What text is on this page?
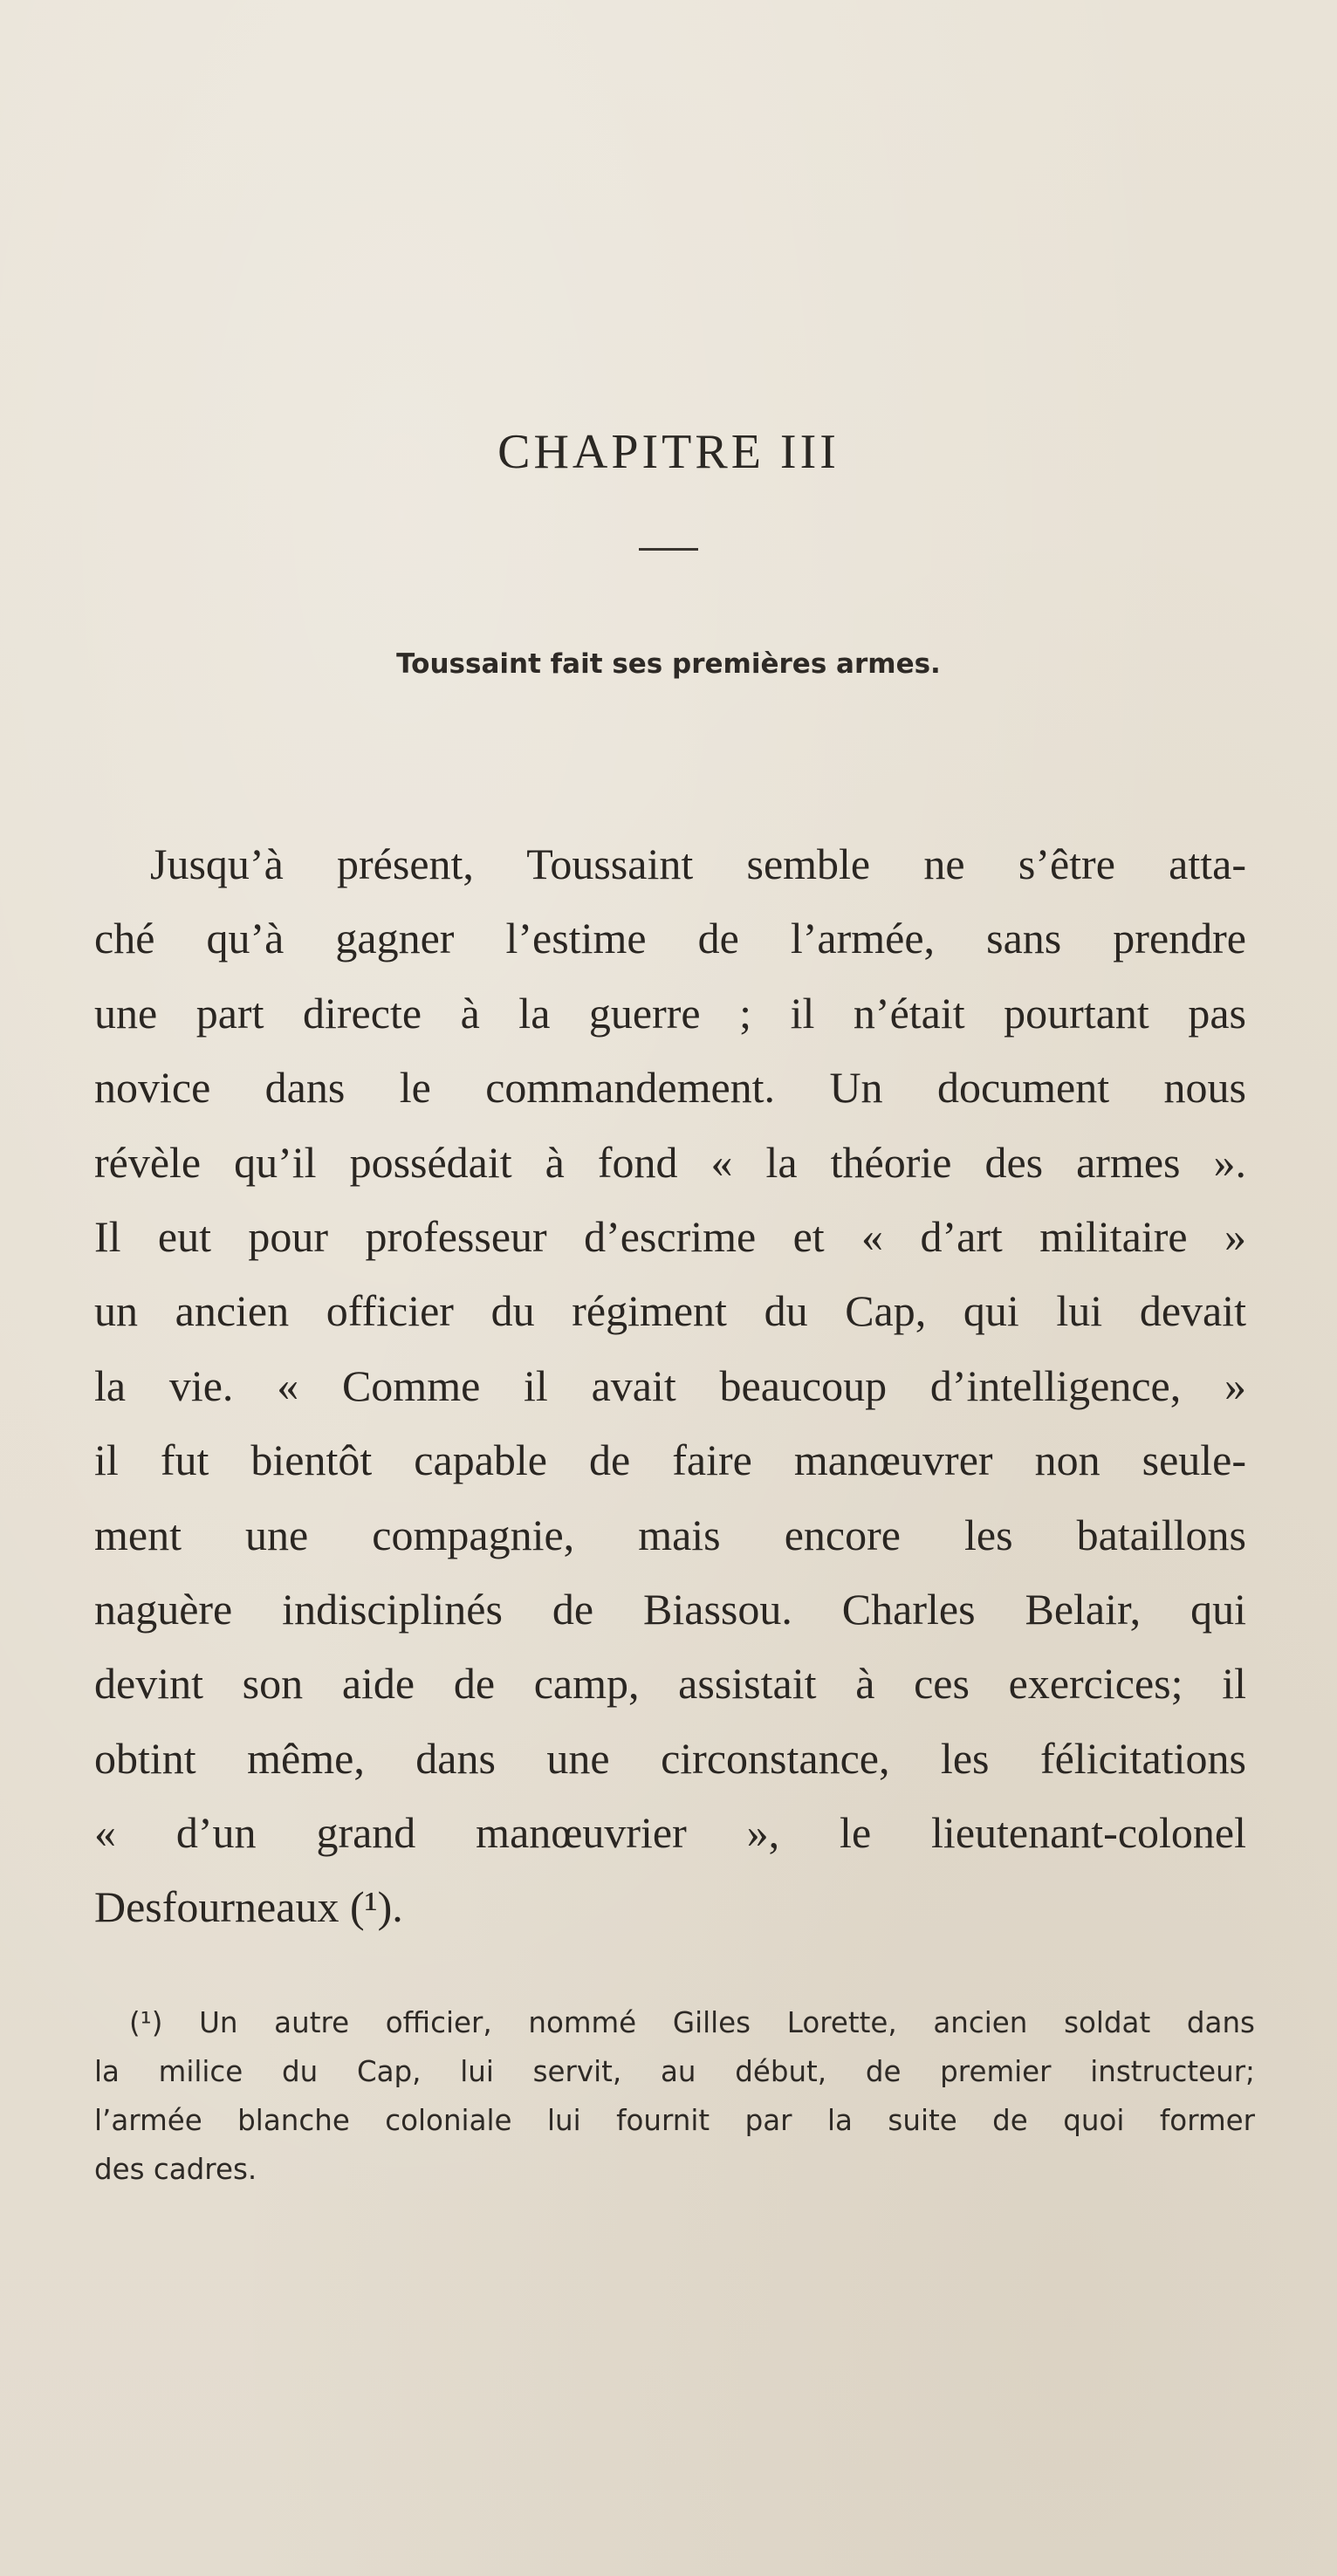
CHAPITRE III
Toussaint fait ses premières armes.
Jusqu’à présent, Toussaint semble ne s’être atta-
ché qu’à gagner l’estime de l’armée, sans prendre
une part directe à la guerre ; il n’était pourtant pas
novice dans le commandement. Un document nous
révèle qu’il possédait à fond « la théorie des armes ».
Il eut pour professeur d’escrime et « d’art militaire »
un ancien officier du régiment du Cap, qui lui devait
la vie. « Comme il avait beaucoup d’intelligence, »
il fut bientôt capable de faire manœuvrer non seule-
ment une compagnie, mais encore les bataillons
naguère indisciplinés de Biassou. Charles Belair, qui
devint son aide de camp, assistait à ces exercices; il
obtint même, dans une circonstance, les félicitations
« d’un grand manœuvrier », le lieutenant-colonel
Desfourneaux (¹).
(¹) Un autre officier, nommé Gilles Lorette, ancien soldat dans
la milice du Cap, lui servit, au début, de premier instructeur;
l’armée blanche coloniale lui fournit par la suite de quoi former
des cadres.
